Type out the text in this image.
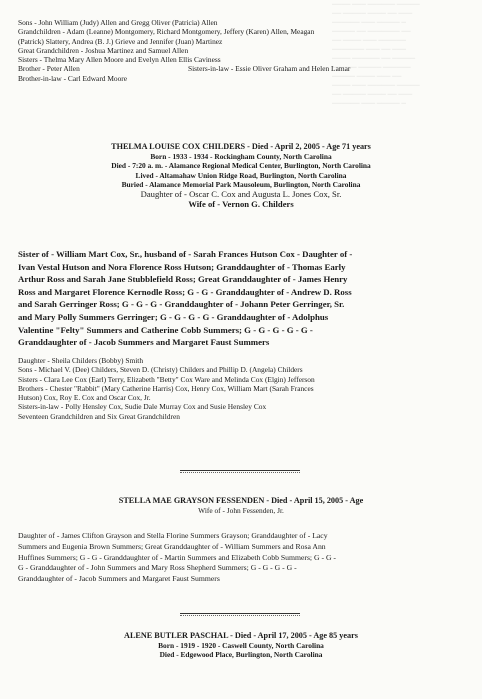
──── ─── ────── ─────
── ───── ──── ── ───
────── ─── ───── ─
───── ── ─────── ──
── ──── ─── ──────
─────── ─── ── ───
──── ────── ── ─────
── ─── ───── ──────
───── ──── ─── ──
──── ─── ────── ─────
── ───── ──── ── ───
────── ─── ───── ─
Sons - John William (Judy) Allen and Gregg Oliver (Patricia) Allen
Grandchildren - Adam (Leanne) Montgomery, Richard Montgomery, Jeffery (Karen) Allen, Meagan
(Patrick) Slattery, Andrea (B. J.) Grieve and Jennifer (Juan) Martinez
Great Grandchildren - Joshua Martinez and Samuel Allen
Sisters - Thelma Mary Allen Moore and Evelyn Allen Ellis Caviness
Brother - Peter Allen	Sisters-in-law - Essie Oliver Graham and Helen Lamar
Brother-in-law - Carl Edward Moore
THELMA LOUISE COX CHILDERS - Died - April 2, 2005 - Age 71 years
Born - 1933 - 1934 - Rockingham County, North Carolina
Died - 7:20 a. m. - Alamance Regional Medical Center, Burlington, North Carolina
Lived - Altamahaw Union Ridge Road, Burlington, North Carolina
Buried - Alamance Memorial Park Mausoleum, Burlington, North Carolina
Daughter of - Oscar C. Cox and Augusta L. Jones Cox, Sr.
Wife of - Vernon G. Childers
Sister of - William Mart Cox, Sr., husband of - Sarah Frances Hutson Cox - Daughter of -
Ivan Vestal Hutson and Nora Florence Ross Hutson; Granddaughter of - Thomas Early
Arthur Ross and Sarah Jane Stubblefield Ross; Great Granddaughter of - James Henry
Ross and Margaret Florence Kernodle Ross; G - G - Granddaughter of - Andrew D. Ross
and Sarah Gerringer Ross; G - G - G - Granddaughter of - Johann Peter Gerringer, Sr.
and Mary Polly Summers Gerringer; G - G - G - G - Granddaughter of - Adolphus
Valentine "Felty" Summers and Catherine Cobb Summers; G - G - G - G - G -
Granddaughter of - Jacob Summers and Margaret Faust Summers
Daughter - Sheila Childers (Bobby) Smith
Sons - Michael V. (Dee) Childers, Steven D. (Christy) Childers and Phillip D. (Angela) Childers
Sisters - Clara Lee Cox (Earl) Terry, Elizabeth "Betty" Cox Ware and Melinda Cox (Elgin) Jefferson
Brothers - Chester "Rabbit" (Mary Catherine Harris) Cox, Henry Cox, William Mart (Sarah Frances
Hutson) Cox, Roy E. Cox and Oscar Cox, Jr.
Sisters-in-law - Polly Hensley Cox, Sudie Dale Murray Cox and Susie Hensley Cox
Seventeen Grandchildren and Six Great Grandchildren
STELLA MAE GRAYSON FESSENDEN - Died - April 15, 2005 - Age
Wife of - John Fessenden, Jr.
Daughter of - James Clifton Grayson and Stella Florine Summers Grayson; Granddaughter of - Lacy
Summers and Eugenia Brown Summers; Great Granddaughter of - William Summers and Rosa Ann
Huffines Summers; G - G - Granddaughter of - Martin Summers and Elizabeth Cobb Summers; G - G -
G - Granddaughter of - John Summers and Mary Ross Shepherd Summers; G - G - G - G -
Granddaughter of - Jacob Summers and Margaret Faust Summers
ALENE BUTLER PASCHAL - Died - April 17, 2005 - Age 85 years
Born - 1919 - 1920 - Caswell County, North Carolina
Died - Edgewood Place, Burlington, North Carolina
